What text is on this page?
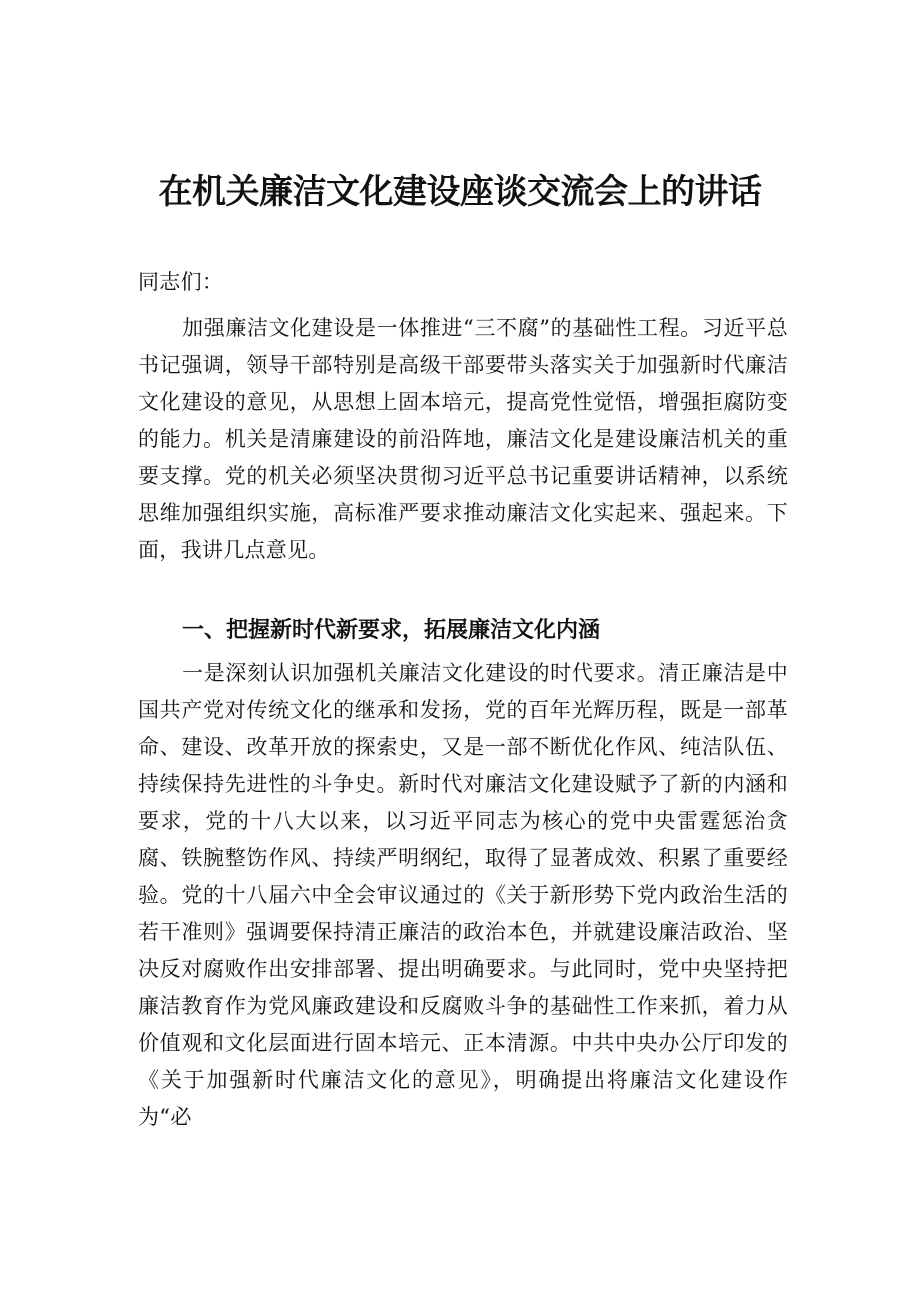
在机关廉洁文化建设座谈交流会上的讲话

同志们：

加强廉洁文化建设是一体推进“三不腐”的基础性工程。习近平总书记强调，领导干部特别是高级干部要带头落实关于加强新时代廉洁文化建设的意见，从思想上固本培元，提高党性觉悟，增强拒腐防变的能力。机关是清廉建设的前沿阵地，廉洁文化是建设廉洁机关的重要支撑。党的机关必须坚决贯彻习近平总书记重要讲话精神，以系统思维加强组织实施，高标准严要求推动廉洁文化实起来、强起来。下面，我讲几点意见。

一、把握新时代新要求，拓展廉洁文化内涵

一是深刻认识加强机关廉洁文化建设的时代要求。清正廉洁是中国共产党对传统文化的继承和发扬，党的百年光辉历程，既是一部革命、建设、改革开放的探索史，又是一部不断优化作风、纯洁队伍、持续保持先进性的斗争史。新时代对廉洁文化建设赋予了新的内涵和要求，党的十八大以来，以习近平同志为核心的党中央雷霆惩治贪腐、铁腕整饬作风、持续严明纲纪，取得了显著成效、积累了重要经验。党的十八届六中全会审议通过的《关于新形势下党内政治生活的若干准则》强调要保持清正廉洁的政治本色，并就建设廉洁政治、坚决反对腐败作出安排部署、提出明确要求。与此同时，党中央坚持把廉洁教育作为党风廉政建设和反腐败斗争的基础性工作来抓，着力从价值观和文化层面进行固本培元、正本清源。中共中央办公厅印发的《关于加强新时代廉洁文化的意见》，明确提出将廉洁文化建设作为“必
